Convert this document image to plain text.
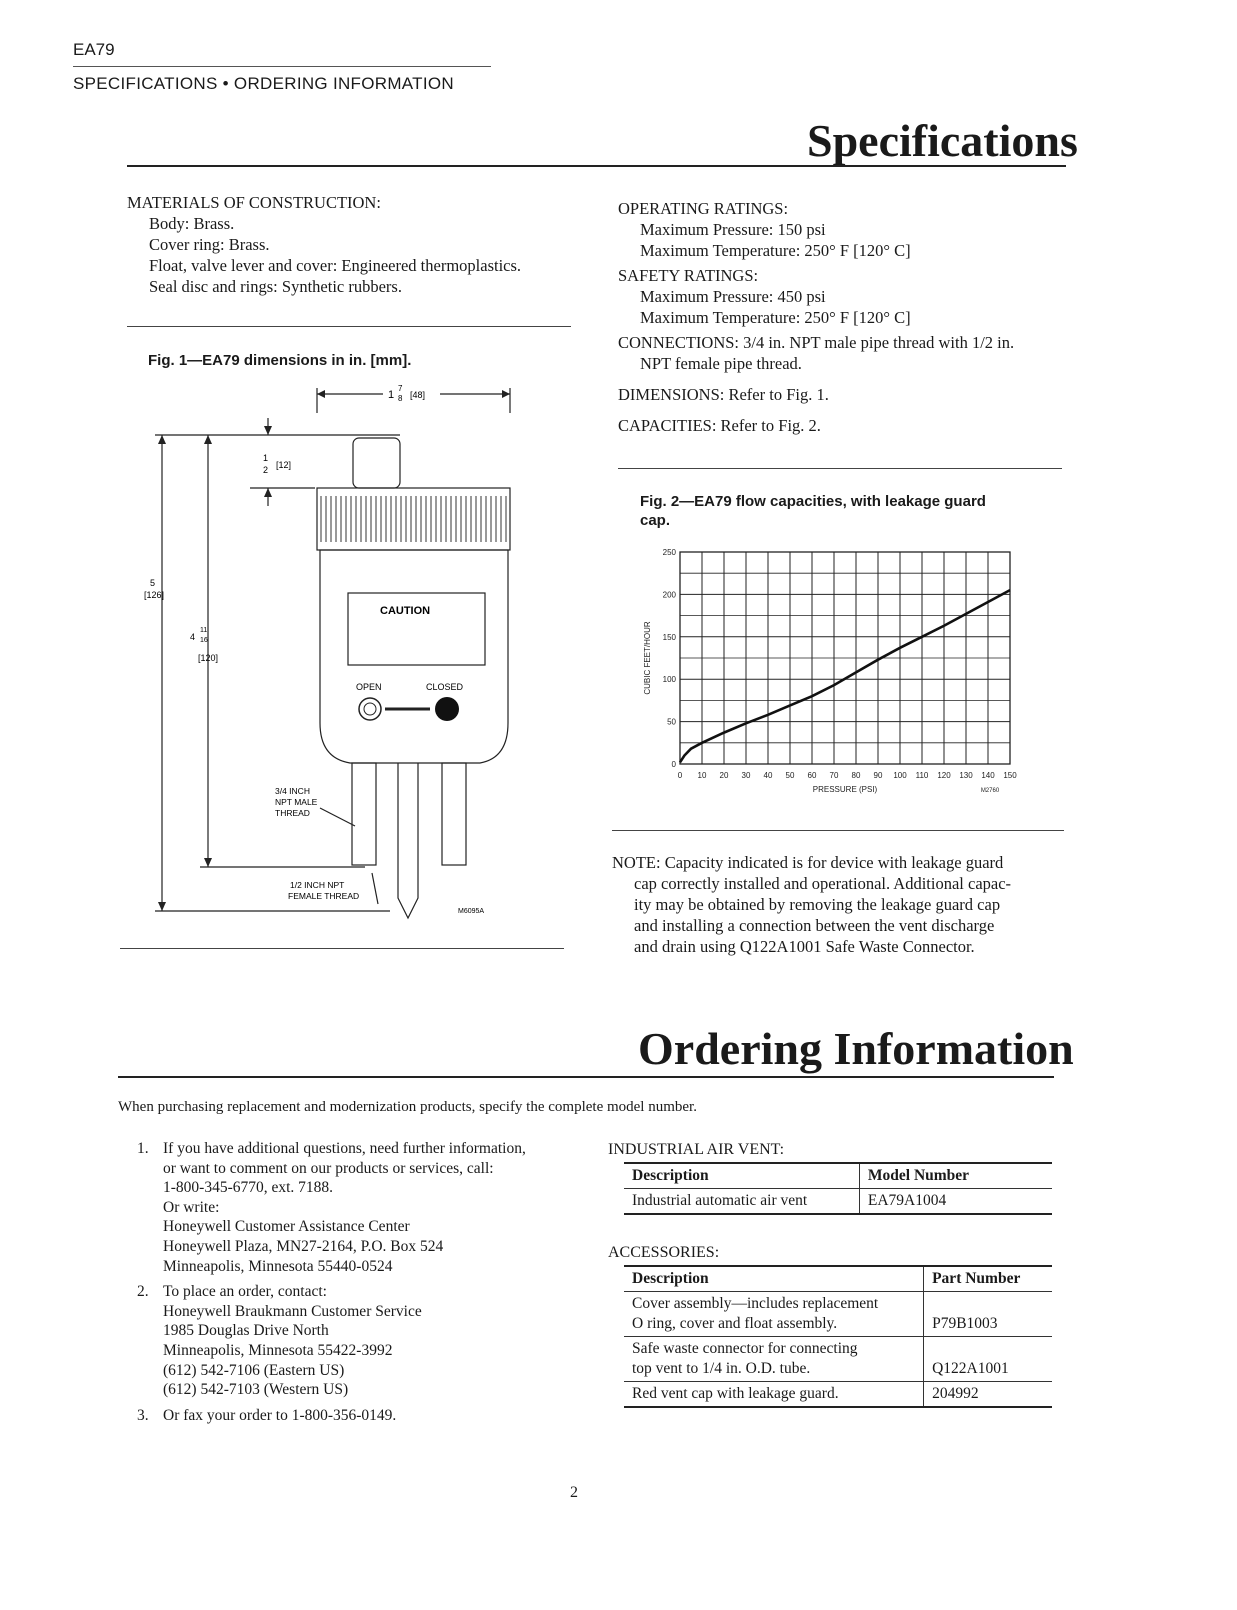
EA79
SPECIFICATIONS • ORDERING INFORMATION
Specifications
MATERIALS OF CONSTRUCTION:
Body: Brass.
Cover ring: Brass.
Float, valve lever and cover: Engineered thermoplastics.
Seal disc and rings: Synthetic rubbers.
OPERATING RATINGS:
Maximum Pressure: 150 psi
Maximum Temperature: 250° F [120° C]
SAFETY RATINGS:
Maximum Pressure: 450 psi
Maximum Temperature: 250° F [120° C]
CONNECTIONS: 3/4 in. NPT male pipe thread with 1/2 in.
NPT female pipe thread.
DIMENSIONS: Refer to Fig. 1.
CAPACITIES: Refer to Fig. 2.
Fig. 1—EA79 dimensions in in. [mm].
1
7
8 [48]
1
2 [12]
5
[126]
4
11
16
[120]
CAUTION
OPEN	CLOSED
3/4 INCH
NPT MALE
THREAD
1/2 INCH NPT
FEMALE THREAD
M6095A
Fig. 2—EA79 flow capacities, with leakage guard
cap.
0 10 20 30 40 50 60 70 80 90 100 110 120 130 140 150
0
50
100
150
200
250
PRESSURE (PSI)
CUBIC FEET/HOUR
M2760
NOTE: Capacity indicated is for device with leakage guard
cap correctly installed and operational. Additional capac-
ity may be obtained by removing the leakage guard cap
and installing a connection between the vent discharge
and drain using Q122A1001 Safe Waste Connector.
Ordering Information
When purchasing replacement and modernization products, specify the complete model number.
1. If you have additional questions, need further information,
or want to comment on our products or services, call:
1-800-345-6770, ext. 7188.
Or write:
Honeywell Customer Assistance Center
Honeywell Plaza, MN27-2164, P.O. Box 524
Minneapolis, Minnesota 55440-0524
2. To place an order, contact:
Honeywell Braukmann Customer Service
1985 Douglas Drive North
Minneapolis, Minnesota 55422-3992
(612) 542-7106 (Eastern US)
(612) 542-7103 (Western US)
3. Or fax your order to 1-800-356-0149.
INDUSTRIAL AIR VENT:
Description	Model Number
Industrial automatic air vent	EA79A1004
ACCESSORIES:
Description	Part Number

Cover assembly—includes replacement
O ring, cover and float assembly.	P79B1003

Safe waste connector for connecting
top vent to 1/4 in. O.D. tube.	Q122A1001
Red vent cap with leakage guard.	204992
2
